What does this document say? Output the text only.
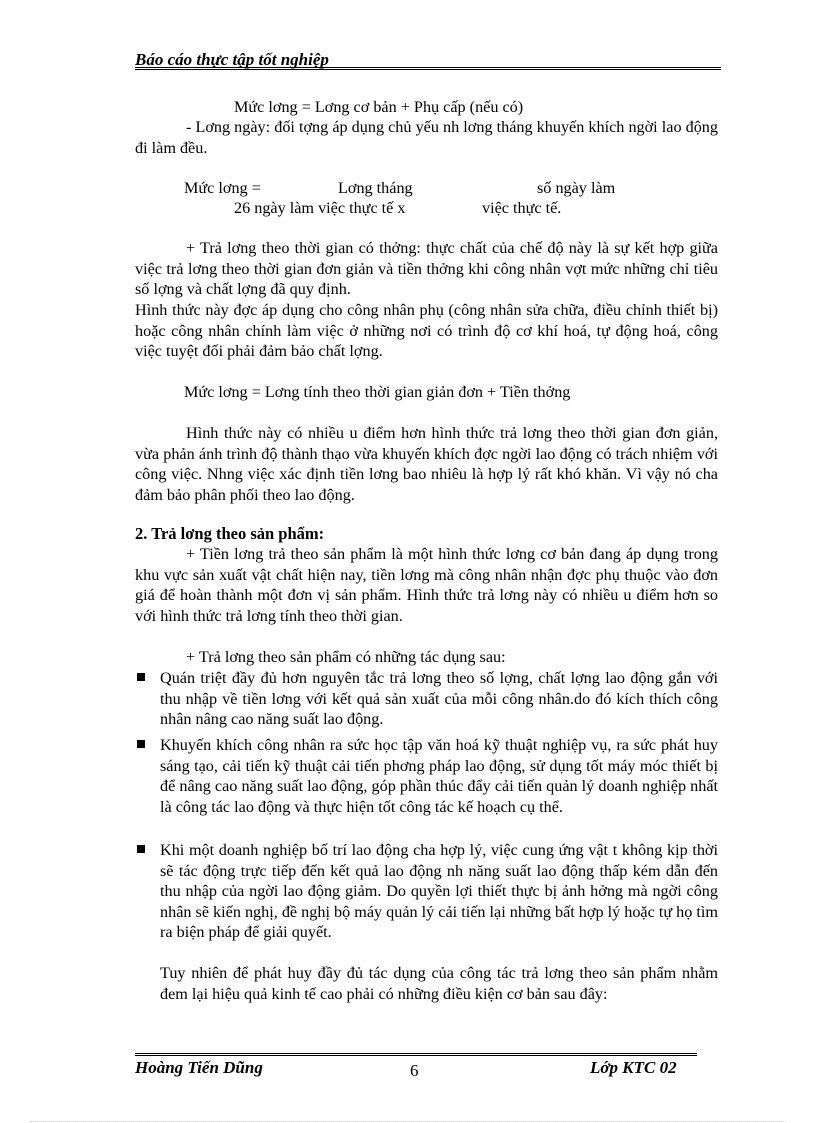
Báo cáo thực tập tốt nghiệp
Mức lơng = Lơng cơ bản + Phụ cấp (nếu có)
- Lơng ngày: đối tợng áp dụng chủ yếu nh lơng tháng khuyến khích ngời lao động đi làm đều.
Mức lơng =	Lơng tháng	số ngày làm
26 ngày làm việc thực tế x	việc thực tế.
+ Trả lơng theo thời gian có thởng: thực chất của chế độ này là sự kết hợp giữa việc trả lơng theo thời gian đơn giản và tiền thởng khi công nhân vợt mức những chỉ tiêu số lợng và chất lợng đã quy định.
Hình thức này đợc áp dụng cho công nhân phụ (công nhân sửa chữa, điều chỉnh thiết bị) hoặc công nhân chính làm việc ở những nơi có trình độ cơ khí hoá, tự động hoá, công việc tuyệt đối phải đảm bảo chất lợng.
Mức lơng = Lơng tính theo thời gian giản đơn + Tiền thởng
Hình thức này có nhiều u điểm hơn hình thức trả lơng theo thời gian đơn giản, vừa phản ánh trình độ thành thạo vừa khuyến khích đợc ngời lao động có trách nhiệm với công việc. Nhng việc xác định tiền lơng bao nhiêu là hợp lý rất khó khăn. Vì vậy nó cha đảm bảo phân phối theo lao động.
2. Trả lơng theo sản phẩm:
+ Tiền lơng trả theo sản phẩm là một hình thức lơng cơ bản đang áp dụng trong khu vực sản xuất vật chất hiện nay, tiền lơng mà công nhân nhận đợc phụ thuộc vào đơn giá để hoàn thành một đơn vị sản phẩm. Hình thức trả lơng này có nhiều u điểm hơn so với hình thức trả lơng tính theo thời gian.
+ Trả lơng theo sản phẩm có những tác dụng sau:
Quán triệt đầy đủ hơn nguyên tắc trả lơng theo số lợng, chất lợng lao động gắn với thu nhập về tiền lơng với kết quả sản xuất của mỗi công nhân.do đó kích thích công nhân nâng cao năng suất lao động.
Khuyến khích công nhân ra sức học tập văn hoá kỹ thuật nghiệp vụ, ra sức phát huy sáng tạo, cải tiến kỹ thuật cải tiến phơng pháp lao động, sử dụng tốt máy móc thiết bị để nâng cao năng suất lao động, góp phần thúc đẩy cải tiến quản lý doanh nghiệp nhất là công tác lao động và thực hiện tốt công tác kế hoạch cụ thể.
Khi một doanh nghiệp bố trí lao động cha hợp lý, việc cung ứng vật t không kịp thời sẽ tác động trực tiếp đến kết quả lao động nh năng suất lao động thấp kém dẫn đến thu nhập của ngời lao động giảm. Do quyền lợi thiết thực bị ảnh hởng mà ngời công nhân sẽ kiến nghị, đề nghị bộ máy quản lý cải tiến lại những bất hợp lý hoặc tự họ tìm ra biện pháp để giải quyết.
Tuy nhiên để phát huy đầy đủ tác dụng của công tác trả lơng theo sản phẩm nhằm đem lại hiệu quả kinh tế cao phải có những điều kiện cơ bản sau đây:
Hoàng Tiến Dũng	6	Lớp KTC 02
